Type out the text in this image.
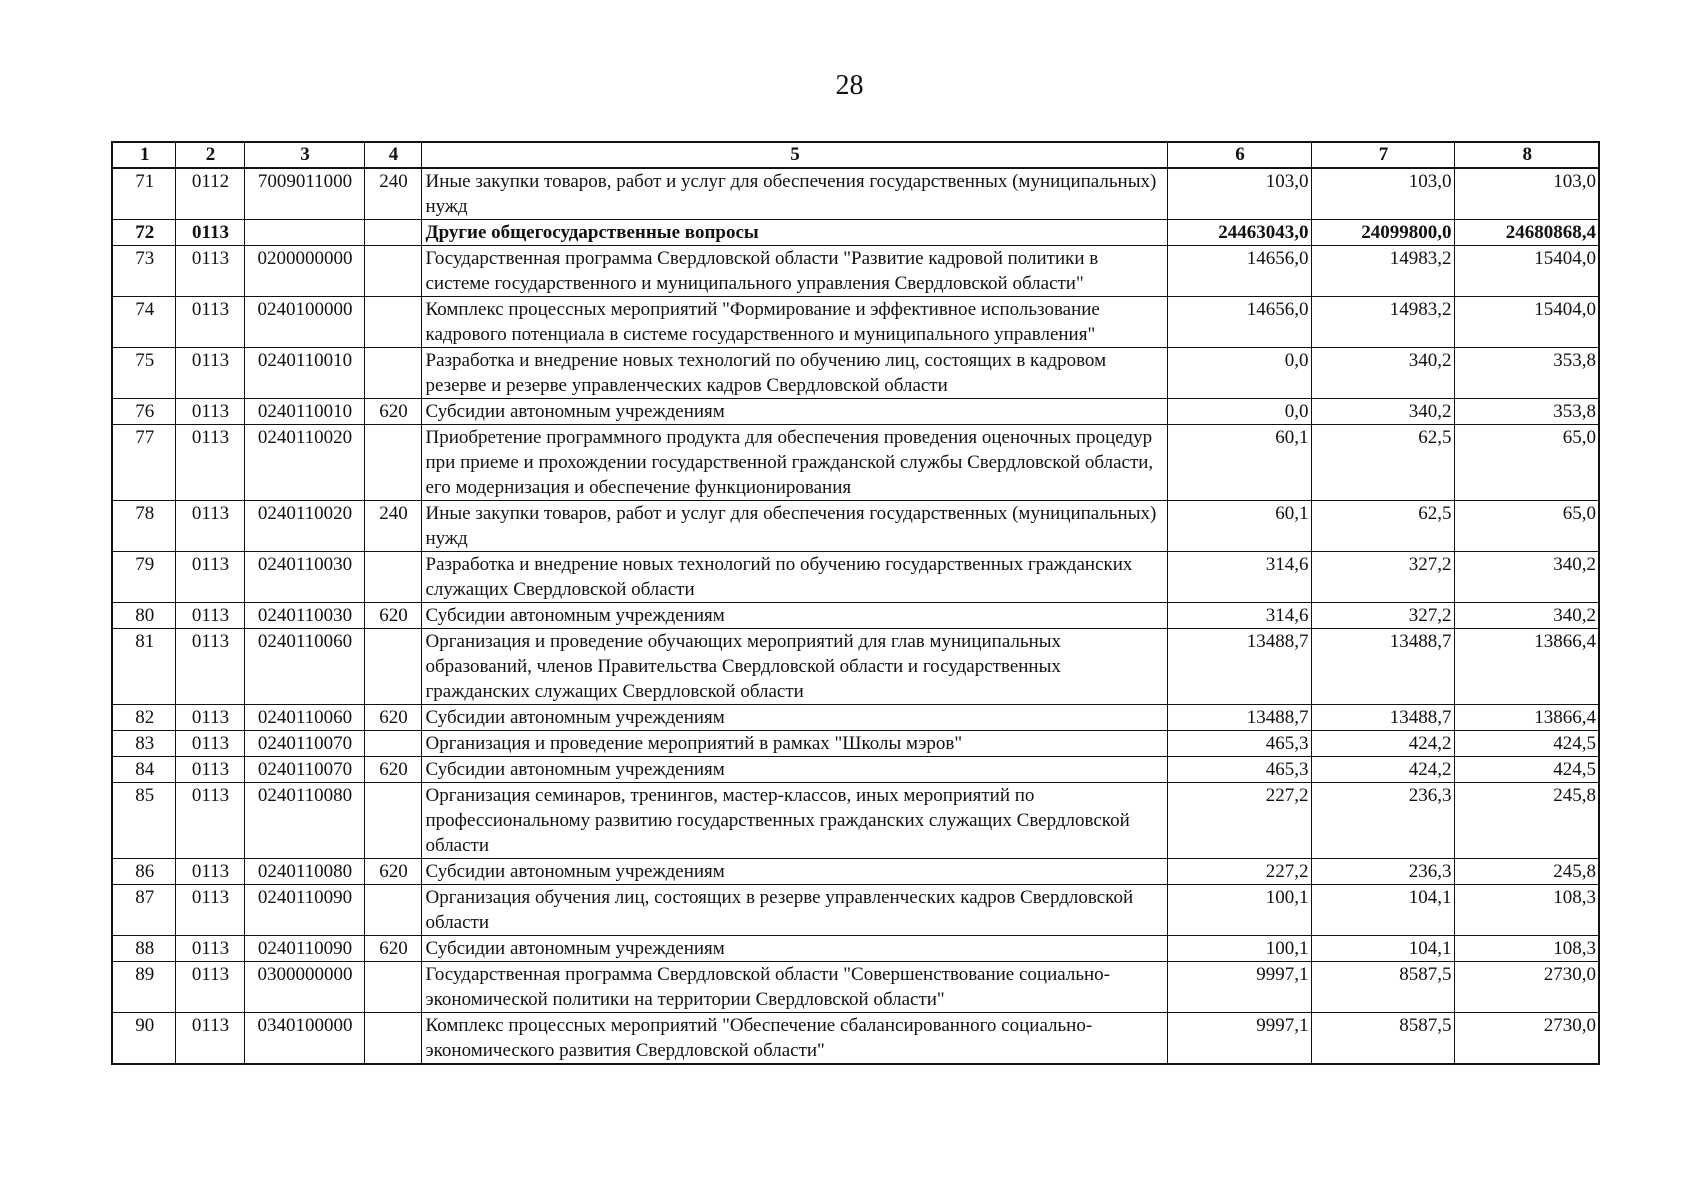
28
1	2	3	4	5	6	7	8
71	0112	7009011000	240	Иные закупки товаров, работ и услуг для обеспечения государственных (муниципальных) нужд	103,0	103,0	103,0
72	0113			Другие общегосударственные вопросы	24463043,0	24099800,0	24680868,4
73	0113	0200000000		Государственная программа Свердловской области "Развитие кадровой политики в системе государственного и муниципального управления Свердловской области"	14656,0	14983,2	15404,0
74	0113	0240100000		Комплекс процессных мероприятий "Формирование и эффективное использование кадрового потенциала в системе государственного и муниципального управления"	14656,0	14983,2	15404,0
75	0113	0240110010		Разработка и внедрение новых технологий по обучению лиц, состоящих в кадровом резерве и резерве управленческих кадров Свердловской области	0,0	340,2	353,8
76	0113	0240110010	620	Субсидии автономным учреждениям	0,0	340,2	353,8
77	0113	0240110020		Приобретение программного продукта для обеспечения проведения оценочных процедур при приеме и прохождении государственной гражданской службы Свердловской области, его модернизация и обеспечение функционирования	60,1	62,5	65,0
78	0113	0240110020	240	Иные закупки товаров, работ и услуг для обеспечения государственных (муниципальных) нужд	60,1	62,5	65,0
79	0113	0240110030		Разработка и внедрение новых технологий по обучению государственных гражданских служащих Свердловской области	314,6	327,2	340,2
80	0113	0240110030	620	Субсидии автономным учреждениям	314,6	327,2	340,2
81	0113	0240110060		Организация и проведение обучающих мероприятий для глав муниципальных образований, членов Правительства Свердловской области и государственных гражданских служащих Свердловской области	13488,7	13488,7	13866,4
82	0113	0240110060	620	Субсидии автономным учреждениям	13488,7	13488,7	13866,4
83	0113	0240110070		Организация и проведение мероприятий в рамках "Школы мэров"	465,3	424,2	424,5
84	0113	0240110070	620	Субсидии автономным учреждениям	465,3	424,2	424,5
85	0113	0240110080		Организация семинаров, тренингов, мастер-классов, иных мероприятий по профессиональному развитию государственных гражданских служащих Свердловской области	227,2	236,3	245,8
86	0113	0240110080	620	Субсидии автономным учреждениям	227,2	236,3	245,8
87	0113	0240110090		Организация обучения лиц, состоящих в резерве управленческих кадров Свердловской области	100,1	104,1	108,3
88	0113	0240110090	620	Субсидии автономным учреждениям	100,1	104,1	108,3
89	0113	0300000000		Государственная программа Свердловской области "Совершенствование социально-экономической политики на территории Свердловской области"	9997,1	8587,5	2730,0
90	0113	0340100000		Комплекс процессных мероприятий "Обеспечение сбалансированного социально-экономического развития Свердловской области"	9997,1	8587,5	2730,0
